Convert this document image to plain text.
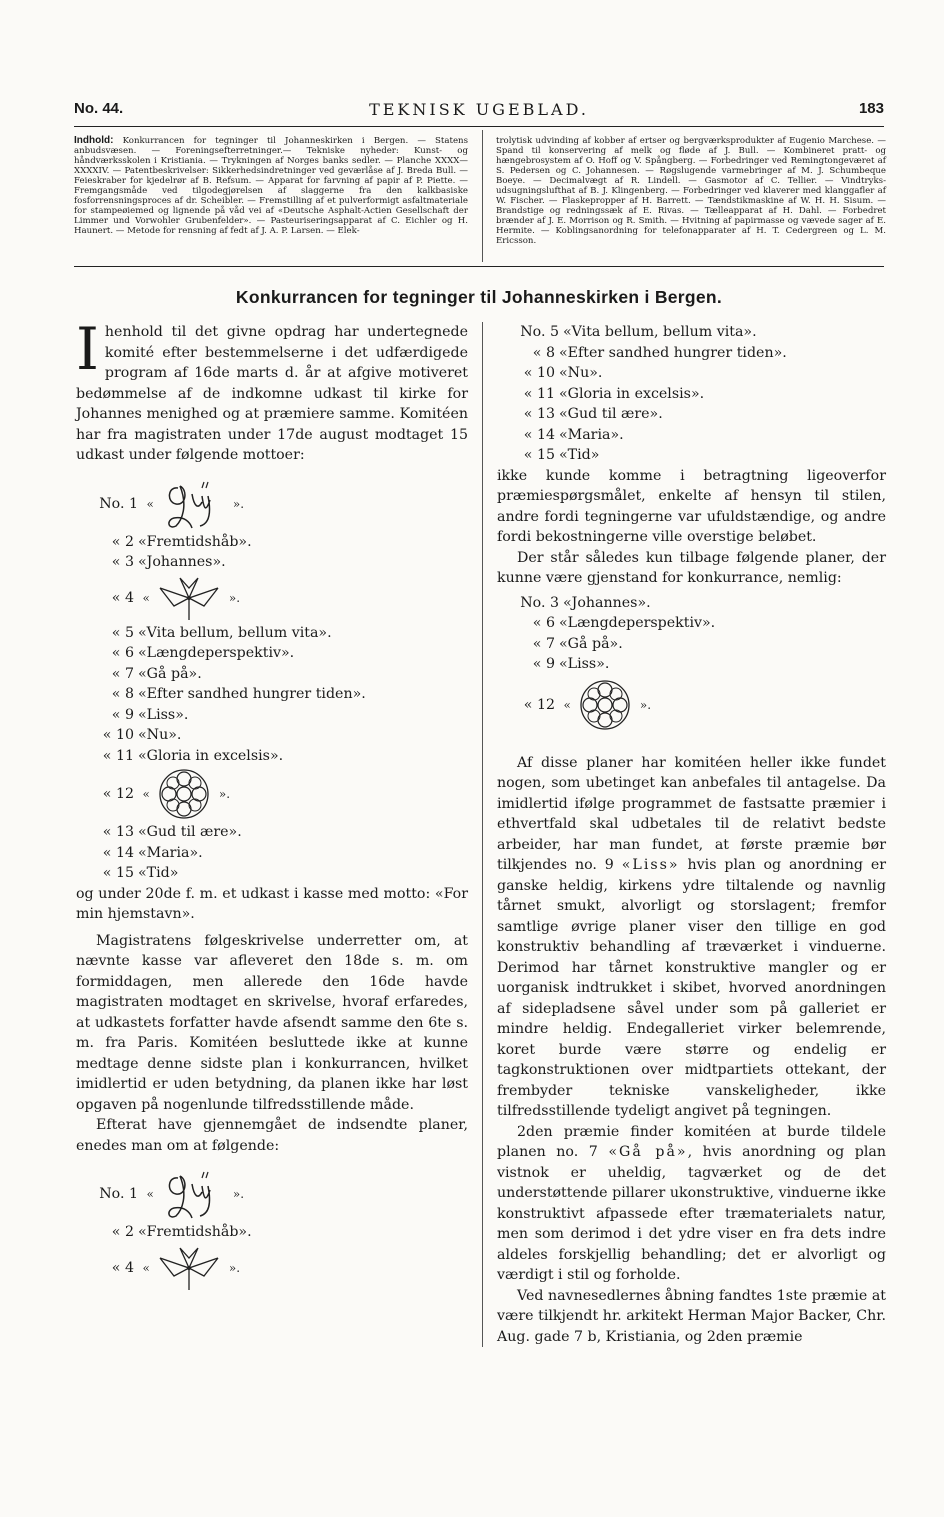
No. 44.	TEKNISK UGEBLAD.	183
Indhold: Konkurrancen for tegninger til Johanneskirken i Bergen. — Statens anbudsvæsen. — Foreningsefterretninger.— Tekniske nyheder: Kunst- og håndværksskolen i Kristiania. — Trykningen af Norges banks sedler. — Planche XXXX—XXXXIV. — Patentbeskrivelser: Sikkerhedsindretninger ved geværlåse af J. Breda Bull. — Feieskraber for kjedelrør af B. Refsum. — Apparat for farvning af papir af P. Piette. — Fremgangsmåde ved tilgodegjørelsen af slaggerne fra den kalkbasiske fosforrensningsproces af dr. Scheibler. — Fremstilling af et pulverformigt asfaltmateriale for stampeøiemed og lignende på våd vei af «Deutsche Asphalt-Actien Gesellschaft der Limmer und Vorwohler Grubenfelder». — Pasteuriseringsapparat af C. Eichler og H. Haunert. — Metode for rensning af fedt af J. A. P. Larsen. — Elek-
trolytisk udvinding af kobber af ertser og bergværksprodukter af Eugenio Marchese. — Spand til konservering af melk og fløde af J. Bull. — Kombineret pratt- og hængebrosystem af O. Hoff og V. Spångberg. — Forbedringer ved Remingtongeværet af S. Pedersen og C. Johannesen. — Røgslugende varmebringer af M. J. Schumbeque Boeye. — Decimalvægt af R. Lindell. — Gasmotor af C. Tellier. — Vindtryks-udsugningslufthat af B. J. Klingenberg. — Forbedringer ved klaverer med klanggafler af W. Fischer. — Flaskepropper af H. Barrett. — Tændstikmaskine af W. H. H. Sisum. — Brandstige og redningssæk af E. Rivas. — Tælleapparat af H. Dahl. — Forbedret brænder af J. E. Morrison og R. Smith. — Hvitning af papirmasse og vævede sager af E. Hermite. — Koblingsanordning for telefonapparater af H. T. Cedergreen og L. M. Ericsson.
Konkurrancen for tegninger til Johanneskirken i Bergen.

Ihenhold til det givne opdrag har undertegnede komité efter bestemmelserne i det udfærdigede program af 16de marts d. år at afgive motiveret bedømmelse af de indkomne udkast til kirke for Johannes menighed og at præmiere samme. Komitéen har fra magistraten under 17de august modtaget 15 udkast under følgende mottoer:

No. 1 «	».
« 2 «Fremtidshåb».
« 3 «Johannes».
« 4 «	».
« 5 «Vita bellum, bellum vita».
« 6 «Længdeperspektiv».
« 7 «Gå på».
« 8 «Efter sandhed hungrer tiden».
« 9 «Liss».
« 10 «Nu».
« 11 «Gloria in excelsis».
« 12 «	».
« 13 «Gud til ære».
« 14 «Maria».
« 15 «Tid»

og under 20de f. m. et udkast i kasse med motto: «For min hjemstavn».

Magistratens følgeskrivelse underretter om, at nævnte kasse var afleveret den 18de s. m. om formiddagen, men allerede den 16de havde magistraten modtaget en skrivelse, hvoraf erfaredes, at udkastets forfatter havde afsendt samme den 6te s. m. fra Paris. Komitéen besluttede ikke at kunne medtage denne sidste plan i konkurrancen, hvilket imidlertid er uden betydning, da planen ikke har løst opgaven på nogenlunde tilfredsstillende måde.

Efterat have gjennemgået de indsendte planer, enedes man om at følgende:

No. 1 «	».
« 2 «Fremtidshåb».
« 4 «	».
No. 5 «Vita bellum, bellum vita».
« 8 «Efter sandhed hungrer tiden».
« 10 «Nu».
« 11 «Gloria in excelsis».
« 13 «Gud til ære».
« 14 «Maria».
« 15 «Tid»

ikke kunde komme i betragtning ligeoverfor præmiespørgsmålet, enkelte af hensyn til stilen, andre fordi tegningerne var ufuldstændige, og andre fordi bekostningerne ville overstige beløbet.

Der står således kun tilbage følgende planer, der kunne være gjenstand for konkurrance, nemlig:

No. 3 «Johannes».
« 6 «Længdeperspektiv».
« 7 «Gå på».
« 9 «Liss».
« 12 «	».

Af disse planer har komitéen heller ikke fundet nogen, som ubetinget kan anbefales til antagelse. Da imidlertid ifølge programmet de fastsatte præmier i ethvertfald skal udbetales til de relativt bedste arbeider, har man fundet, at første præmie bør tilkjendes no. 9 «Liss» hvis plan og anordning er ganske heldig, kirkens ydre tiltalende og navnlig tårnet smukt, alvorligt og storslagent; fremfor samtlige øvrige planer viser den tillige en god konstruktiv behandling af træværket i vinduerne. Derimod har tårnet konstruktive mangler og er uorganisk indtrukket i skibet, hvorved anordningen af sidepladsene såvel under som på galleriet er mindre heldig. Endegalleriet virker belemrende, koret burde være større og endelig er tagkonstruktionen over midtpartiets ottekant, der frembyder tekniske vanskeligheder, ikke tilfredsstillende tydeligt angivet på tegningen.

2den præmie finder komitéen at burde tildele planen no. 7 «Gå på», hvis anordning og plan vistnok er uheldig, tagværket og de det understøttende pillarer ukonstruktive, vinduerne ikke konstruktivt afpassede efter træmaterialets natur, men som derimod i det ydre viser en fra dets indre aldeles forskjellig behandling; det er alvorligt og værdigt i stil og forholde.

Ved navnesedlernes åbning fandtes 1ste præmie at være tilkjendt hr. arkitekt Herman Major Backer, Chr. Aug. gade 7 b, Kristiania, og 2den præmie
